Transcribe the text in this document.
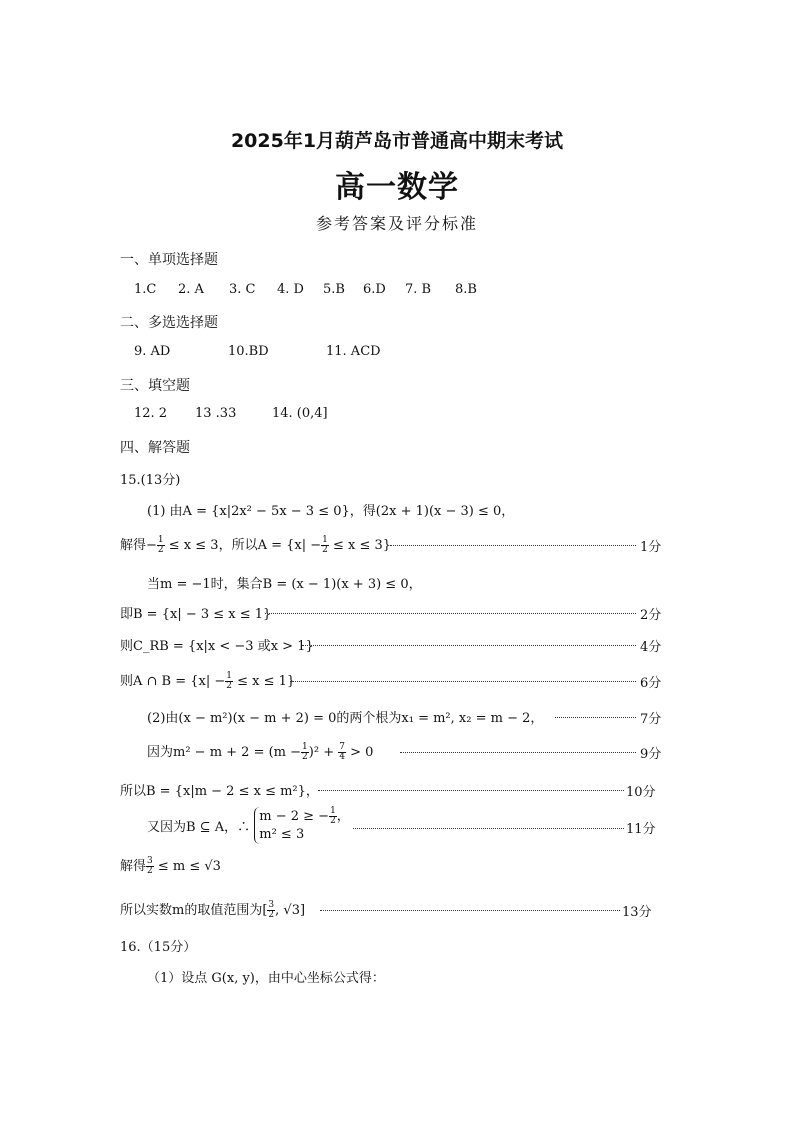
2025年1月葫芦岛市普通高中期末考试
高一数学
参考答案及评分标准
一、单项选择题
1.C 2. A 3. C 4. D 5.B 6.D 7. B 8.B
二、多选选择题
9. AD	10.BD	11. ACD
三、填空题
12. 2 13 .33	14. (0,4]
四、解答题
15.(13分)
(1) 由A = {x|2x² − 5x − 3 ≤ 0}，得(2x + 1)(x − 3) ≤ 0，
解得− $\frac{1}{2} \le x \le 3$，所以$A = \{x| - \frac{1}{2} \le x \le 3\}$	1分
当m = −1时，集合B = (x − 1)(x + 3) ≤ 0，
即B = {x| − 3 ≤ x ≤ 1}	2分
则C_RB = {x|x < −3 或x > 1}	4分
则A ∩ $B = \{x| - \frac{1}{2} \le x \le 1\}$	6分
(2)由(x − m²)(x − m + 2) = 0的两个根为x₁ = m², x₂ = m − 2，	7分
因为$m^2 - m + 2 = (m - \frac{1}{2} )^2 + \frac{7}{4} > 0$	9分
所以B = {x|m − 2 ≤ x ≤ m²}，	10分
又因为B ⊆ A，∴
m − 2 ≥ − $\frac{1}{2}$ ，
m² ≤ 3	11分
解得 $\frac{3}{2} \le m \le √3$
所以实数m的取值范围为[ $\frac{3}{2}$ , √3]	13分
16.（15分）
（1）设点 G(x, y)，由中心坐标公式得：
